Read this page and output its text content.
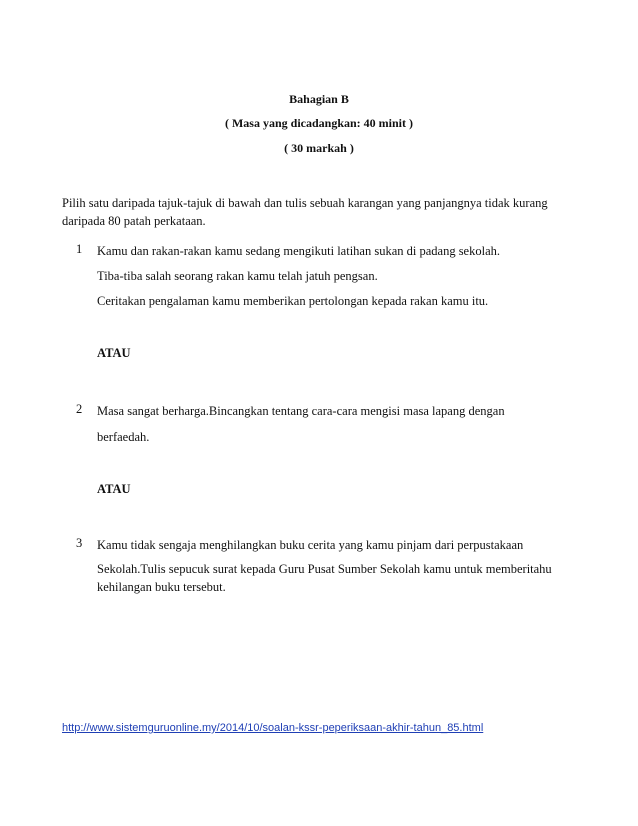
Bahagian B
( Masa yang dicadangkan: 40 minit )
( 30 markah )
Pilih satu daripada tajuk-tajuk di bawah dan tulis sebuah karangan yang panjangnya tidak kurang daripada 80 patah perkataan.
1 Kamu dan rakan-rakan kamu sedang mengikuti latihan sukan di padang sekolah.
Tiba-tiba salah seorang rakan kamu telah jatuh pengsan.
Ceritakan pengalaman kamu memberikan pertolongan kepada rakan kamu itu.
ATAU
2 Masa sangat berharga.Bincangkan tentang cara-cara mengisi masa lapang dengan
berfaedah.
ATAU
3 Kamu tidak sengaja menghilangkan buku cerita yang kamu pinjam dari perpustakaan
Sekolah.Tulis sepucuk surat kepada Guru Pusat Sumber Sekolah kamu untuk memberitahu kehilangan buku tersebut.
http://www.sistemguruonline.my/2014/10/soalan-kssr-peperiksaan-akhir-tahun_85.html
